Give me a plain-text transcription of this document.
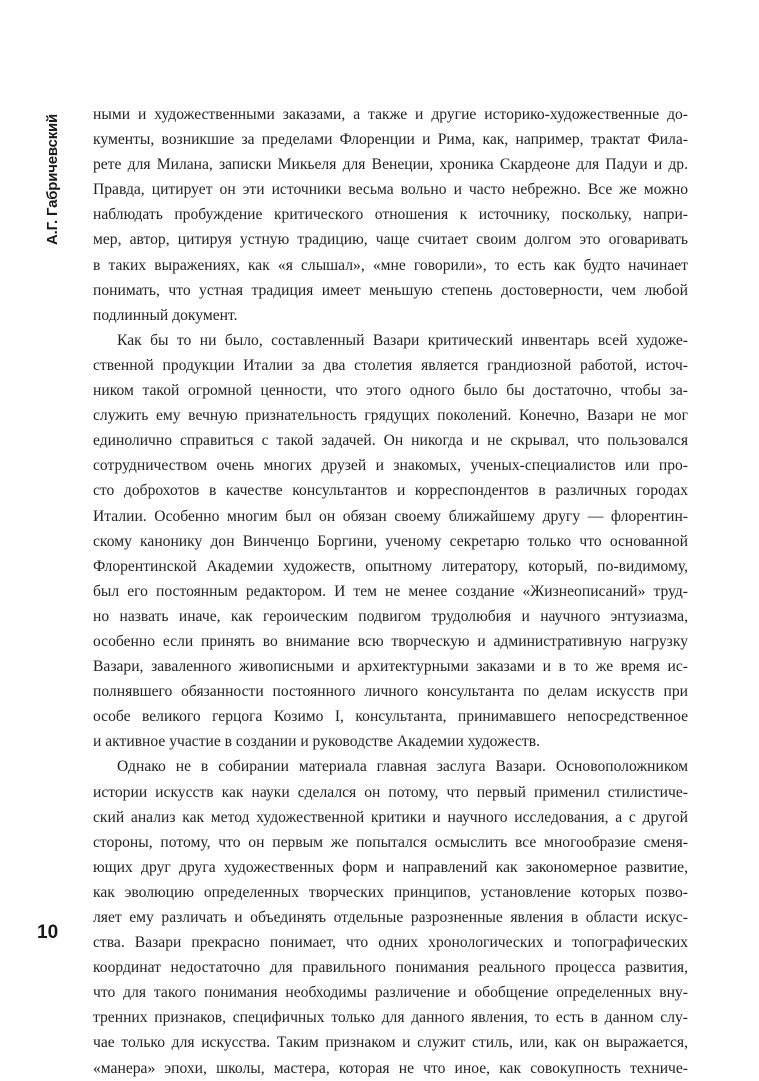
А.Г. Габричевский
10
ными и художественными заказами, а также и другие историко-художественные до-
кументы, возникшие за пределами Флоренции и Рима, как, например, трактат Фила-
рете для Милана, записки Микьеля для Венеции, хроника Скардеоне для Падуи и др.
Правда, цитирует он эти источники весьма вольно и часто небрежно. Все же можно
наблюдать пробуждение критического отношения к источнику, поскольку, напри-
мер, автор, цитируя устную традицию, чаще считает своим долгом это оговаривать
в таких выражениях, как «я слышал», «мне говорили», то есть как будто начинает
понимать, что устная традиция имеет меньшую степень достоверности, чем любой
подлинный документ.
Как бы то ни было, составленный Вазари критический инвентарь всей художе-
ственной продукции Италии за два столетия является грандиозной работой, источ-
ником такой огромной ценности, что этого одного было бы достаточно, чтобы за-
служить ему вечную признательность грядущих поколений. Конечно, Вазари не мог
единолично справиться с такой задачей. Он никогда и не скрывал, что пользовался
сотрудничеством очень многих друзей и знакомых, ученых-специалистов или про-
сто доброхотов в качестве консультантов и корреспондентов в различных городах
Италии. Особенно многим был он обязан своему ближайшему другу — флорентин-
скому канонику дон Винченцо Боргини, ученому секретарю только что основанной
Флорентинской Академии художеств, опытному литератору, который, по-видимому,
был его постоянным редактором. И тем не менее создание «Жизнеописаний» труд-
но назвать иначе, как героическим подвигом трудолюбия и научного энтузиазма,
особенно если принять во внимание всю творческую и административную нагрузку
Вазари, заваленного живописными и архитектурными заказами и в то же время ис-
полнявшего обязанности постоянного личного консультанта по делам искусств при
особе великого герцога Козимо I, консультанта, принимавшего непосредственное
и активное участие в создании и руководстве Академии художеств.
Однако не в собирании материала главная заслуга Вазари. Основоположником
истории искусств как науки сделался он потому, что первый применил стилистиче-
ский анализ как метод художественной критики и научного исследования, а с другой
стороны, потому, что он первым же попытался осмыслить все многообразие сменя-
ющих друг друга художественных форм и направлений как закономерное развитие,
как эволюцию определенных творческих принципов, установление которых позво-
ляет ему различать и объединять отдельные разрозненные явления в области искус-
ства. Вазари прекрасно понимает, что одних хронологических и топографических
координат недостаточно для правильного понимания реального процесса развития,
что для такого понимания необходимы различение и обобщение определенных вну-
тренних признаков, специфичных только для данного явления, то есть в данном слу-
чае только для искусства. Таким признаком и служит стиль, или, как он выражается,
«манера» эпохи, школы, мастера, которая не что иное, как совокупность техниче-
